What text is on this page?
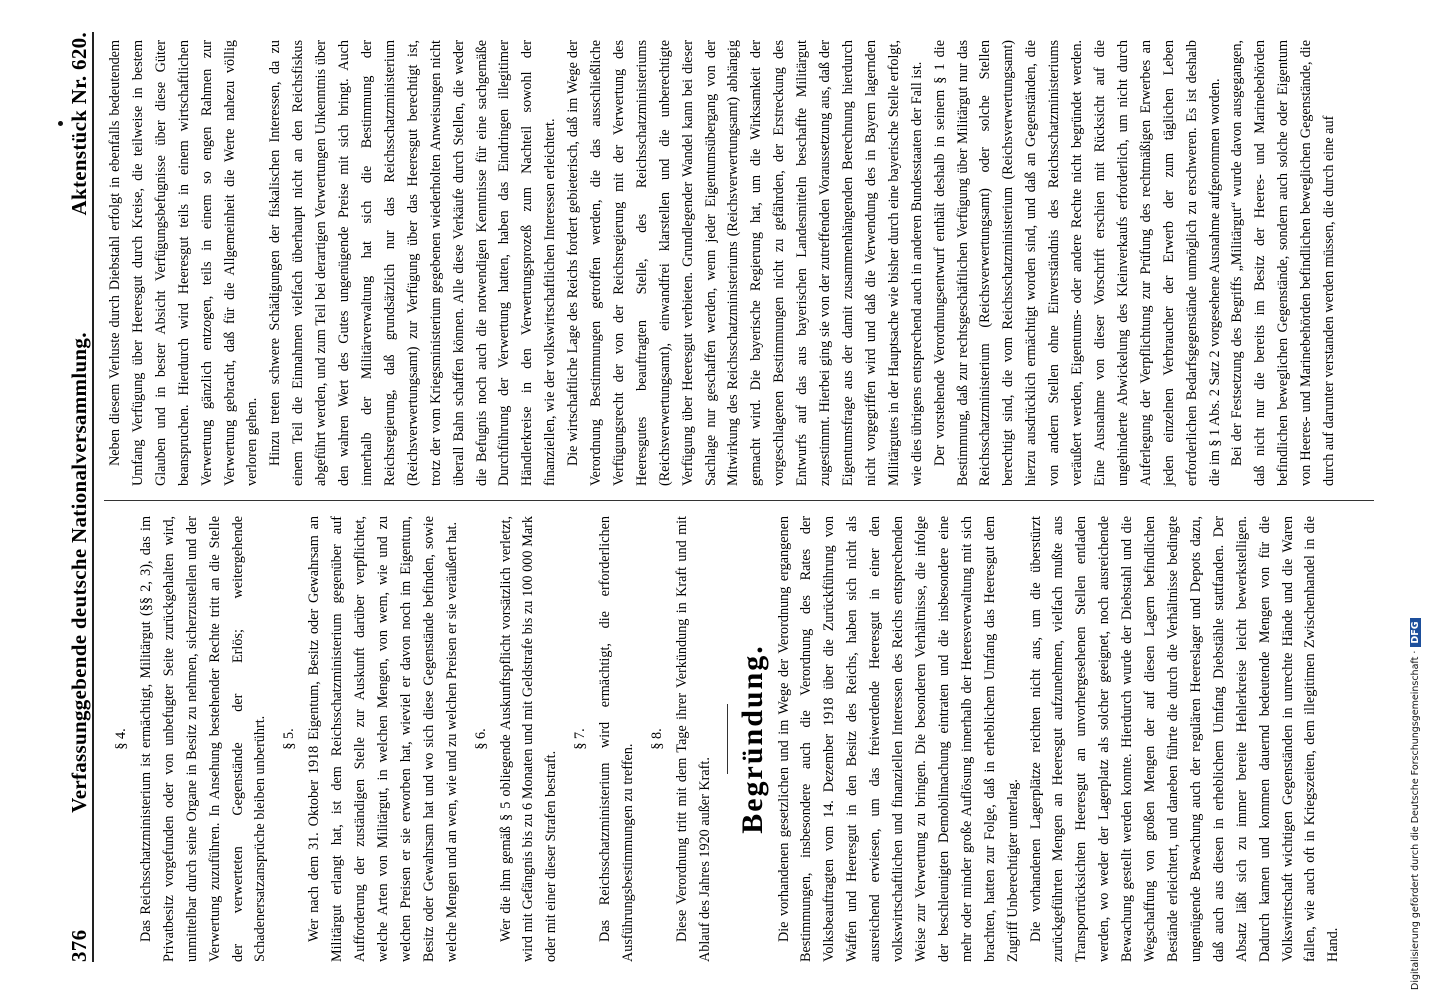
376
Verfassunggebende deutsche Nationalversammlung.
Aktenstück Nr. 620.
§ 4. Das Reichsschatzministerium ist ermächtigt, Militärgut (§§ 2, 3), das im Privatbesitz vorgefunden oder von unbefugter Seite zurückgehalten wird, unmittelbar durch seine Organe in Besitz zu nehmen, sicherzustellen und der Verwertung zuzuführen. In Ansehung bestehender Rechte tritt an die Stelle der verwerteten Gegenstände der Erlös; weitergehende Schadenersatzansprüche bleiben unberührt. § 5. Wer nach dem 31. Oktober 1918 Eigentum, Besitz oder Gewahrsam an Militärgut erlangt hat, ist dem Reichsschatzministerium gegenüber auf Aufforderung der zuständigen Stelle zur Auskunft darüber verpflichtet, welche Arten von Militärgut, in welchen Mengen, von wem, wie und zu welchen Preisen er sie erworben hat, wieviel er davon noch im Eigentum, Besitz oder Gewahrsam hat und wo sich diese Gegenstände befinden, sowie welche Mengen und an wen, wie und zu welchen Preisen er sie veräußert hat. § 6. Wer die ihm gemäß § 5 obliegende Auskunftspflicht vorsätzlich verletzt, wird mit Gefängnis bis zu 6 Monaten und mit Geldstrafe bis zu 100 000 Mark oder mit einer dieser Strafen bestraft.

§ 7. Das Reichsschatzministerium wird ermächtigt, die erforderlichen Ausführungsbestimmungen zu treffen.

§ 8. Diese Verordnung tritt mit dem Tage ihrer Verkündung in Kraft und mit Ablauf des Jahres 1920 außer Kraft.

Begründung. Die vorhandenen gesetzlichen und im Wege der Verordnung ergangenen Bestimmungen, insbesondere auch die Verordnung des Rates der Volksbeauftragten vom 14. Dezember 1918 über die Zurückführung von Waffen und Heeresgut in den Besitz des Reichs, haben sich nicht als ausreichend erwiesen, um das freiwerdende Heeresgut in einer den volkswirtschaftlichen und finanziellen Interessen des Reichs entsprechenden Weise zur Verwertung zu bringen. Die besonderen Verhältnisse, die infolge der beschleunigten Demobilmachung eintraten und die insbesondere eine mehr oder minder große Auflösung innerhalb der Heeresverwaltung mit sich brachten, hatten zur Folge, daß in erheblichem Umfang das Heeresgut dem Zugriff Unberechtigter unterlag. Die vorhandenen Lagerplätze reichten nicht aus, um die überstürzt zurückgeführten Mengen an Heeresgut aufzunehmen, vielfach mußte aus Transportrücksichten Heeresgut an unvorhergesehenen Stellen entladen werden, wo weder der Lagerplatz als solcher geeignet, noch ausreichende Bewachung gestellt werden konnte. Hierdurch wurde der Diebstahl und die Wegschaffung von großen Mengen der auf diesen Lagern befindlichen Bestände erleichtert, und daneben führte die durch die Verhältnisse bedingte ungenügende Bewachung auch der regulären Heereslager und Depots dazu, daß auch aus diesen in erheblichem Umfang Diebstähle stattfanden. Der Absatz läßt sich zu immer bereite Hehlerkreise leicht bewerkstelligen. Dadurch kamen und kommen dauernd bedeutende Mengen von für die Volkswirtschaft wichtigen Gegenständen in unrechte Hände und die Waren fallen, wie auch oft in Kriegszeiten, dem illegitimen Zwischenhandel in die Hand.

Neben diesem Verluste durch Diebstahl erfolgt in ebenfalls bedeutendem Umfang Verfügung über Heeresgut durch Kreise, die teilweise in bestem Glauben und in bester Absicht Verfügungsbefugnisse über diese Güter beanspruchen. Hierdurch wird Heeresgut teils in einem wirtschaftlichen Verwertung gänzlich entzogen, teils in einem so engen Rahmen zur Verwertung gebracht, daß für die Allgemeinheit die Werte nahezu völlig verloren gehen. Hinzu treten schwere Schädigungen der fiskalischen Interessen, da zu einem Teil die Einnahmen vielfach überhaupt nicht an den Reichsfiskus abgeführt werden, und zum Teil bei derartigen Verwertungen Unkenntnis über den wahren Wert des Gutes ungenügende Preise mit sich bringt. Auch innerhalb der Militärverwaltung hat sich die Bestimmung der Reichsregierung, daß grundsätzlich nur das Reichsschatzministerium (Reichsverwertungsamt) zur Verfügung über das Heeresgut berechtigt ist, trotz der vom Kriegsministerium gegebenen wiederholten Anweisungen nicht überall Bahn schaffen können. Alle diese Verkäufe durch Stellen, die weder die Befugnis noch auch die notwendigen Kenntnisse für eine sachgemäße Durchführung der Verwertung hatten, haben das Eindringen illegitimer Händlerkreise in den Verwertungsprozeß zum Nachteil sowohl der finanziellen, wie der volkswirtschaftlichen Interessen erleichtert. Die wirtschaftliche Lage des Reichs fordert gebieterisch, daß im Wege der Verordnung Bestimmungen getroffen werden, die das ausschließliche Verfügungsrecht der von der Reichsregierung mit der Verwertung des Heeresgutes beauftragten Stelle, des Reichsschatzministeriums (Reichsverwertungsamt), einwandfrei klarstellen und die unberechtigte Verfügung über Heeresgut verbieten. Grundlegender Wandel kann bei dieser Sachlage nur geschaffen werden, wenn jeder Eigentumsübergang von der Mitwirkung des Reichsschatzministeriums (Reichsverwertungsamt) abhängig gemacht wird. Die bayerische Regierung hat, um die Wirksamkeit der vorgeschlagenen Bestimmungen nicht zu gefährden, der Erstreckung des Entwurfs auf das aus bayerischen Landesmitteln beschaffte Militärgut zugestimmt. Hierbei ging sie von der zutreffenden Voraussetzung aus, daß der Eigentumsfrage aus der damit zusammenhängenden Berechnung hierdurch nicht vorgegriffen wird und daß die Verwendung des in Bayern lagernden Militärgutes in der Hauptsache wie bisher durch eine bayerische Stelle erfolgt, wie dies übrigens entsprechend auch in anderen Bundesstaaten der Fall ist. Der vorstehende Verordnungsentwurf enthält deshalb in seinem § 1 die Bestimmung, daß zur rechtsgeschäftlichen Verfügung über Militärgut nur das Reichsschatzministerium (Reichsverwertungsamt) oder solche Stellen berechtigt sind, die vom Reichsschatzministerium (Reichsverwertungsamt) hierzu ausdrücklich ermächtigt worden sind, und daß an Gegenständen, die von andern Stellen ohne Einverständnis des Reichsschatzministeriums veräußert werden, Eigentums- oder andere Rechte nicht begründet werden. Eine Ausnahme von dieser Vorschrift erschien mit Rücksicht auf die ungehinderte Abwickelung des Kleinverkaufs erforderlich, um nicht durch Auferlegung der Verpflichtung zur Prüfung des rechtmäßigen Erwerbes an jeden einzelnen Verbraucher der Erwerb der zum täglichen Leben erforderlichen Bedarfsgegenstände unmöglich zu erschweren. Es ist deshalb die im § 1 Abs. 2 Satz 2 vorgesehene Ausnahme aufgenommen worden. Bei der Festsetzung des Begriffs „Militärgut“ wurde davon ausgegangen, daß nicht nur die bereits im Besitz der Heeres- und Marinebehörden befindlichen beweglichen Gegenstände, sondern auch solche oder Eigentum von Heeres- und Marinebehörden befindlichen beweglichen Gegenstände, die durch auf darunter verstanden werden müssen, die durch eine auf

Digitalisierung gefördert durch die Deutsche Forschungsgemeinschaft ·DFG
